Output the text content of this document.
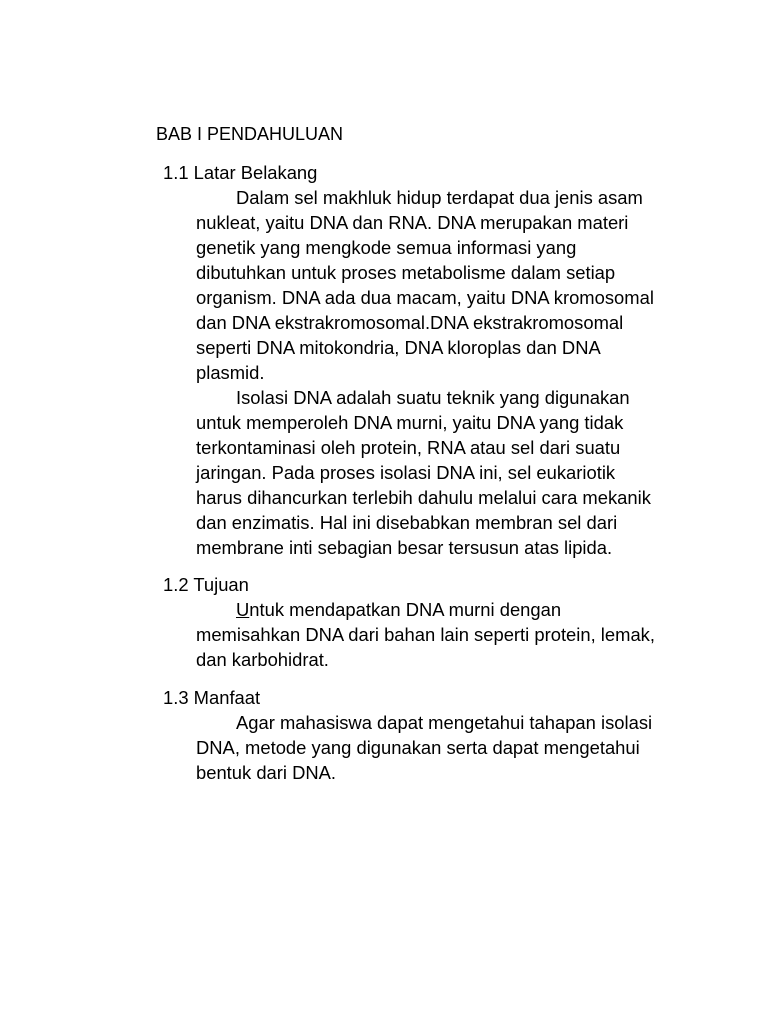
BAB I PENDAHULUAN
1.1 Latar Belakang
Dalam sel makhluk hidup terdapat dua jenis asam
nukleat, yaitu DNA dan RNA. DNA merupakan materi
genetik yang mengkode semua informasi yang
dibutuhkan untuk proses metabolisme dalam setiap
organism. DNA ada dua macam, yaitu DNA kromosomal
dan DNA ekstrakromosomal.DNA ekstrakromosomal
seperti DNA mitokondria, DNA kloroplas dan DNA
plasmid.
Isolasi DNA adalah suatu teknik yang digunakan
untuk memperoleh DNA murni, yaitu DNA yang tidak
terkontaminasi oleh protein, RNA atau sel dari suatu
jaringan. Pada proses isolasi DNA ini, sel eukariotik
harus dihancurkan terlebih dahulu melalui cara mekanik
dan enzimatis. Hal ini disebabkan membran sel dari
membrane inti sebagian besar tersusun atas lipida.
1.2 Tujuan
Untuk mendapatkan DNA murni dengan
memisahkan DNA dari bahan lain seperti protein, lemak,
dan karbohidrat.
1.3 Manfaat
Agar mahasiswa dapat mengetahui tahapan isolasi
DNA, metode yang digunakan serta dapat mengetahui
bentuk dari DNA.
